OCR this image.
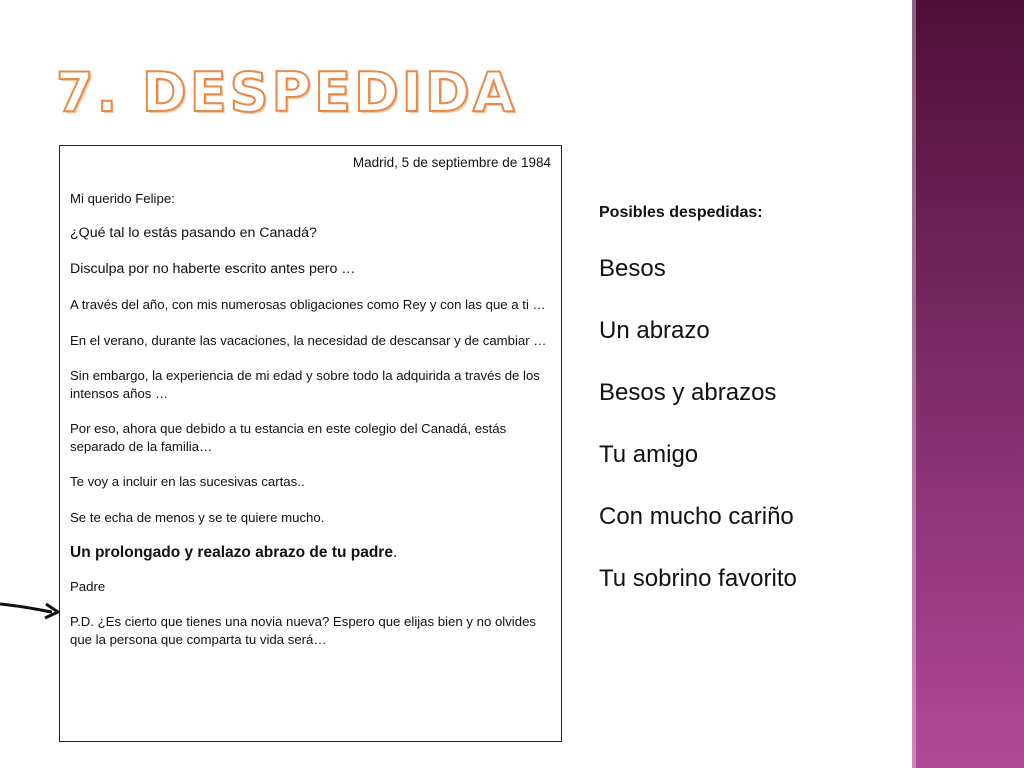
7. DESPEDIDA

Madrid, 5 de septiembre de 1984

Mi querido Felipe:

¿Qué tal lo estás pasando en Canadá?

Disculpa por no haberte escrito antes pero …

A través del año, con mis numerosas obligaciones como Rey y con las que a ti …

En el verano, durante las vacaciones, la necesidad de descansar y de cambiar …

Sin embargo, la experiencia de mi edad y sobre todo la adquirida a través de los intensos años …

Por eso, ahora que debido a tu estancia en este colegio del Canadá, estás separado de la familia…

Te voy a incluir en las sucesivas cartas..

Se te echa de menos y se te quiere mucho.

Un prolongado y realazo abrazo de tu padre.

Padre

P.D. ¿Es cierto que tienes una novia nueva? Espero que elijas bien y no olvides que la persona que comparta tu vida será…

Posibles despedidas:
Besos
Un abrazo
Besos y abrazos
Tu amigo
Con mucho cariño
Tu sobrino favorito
